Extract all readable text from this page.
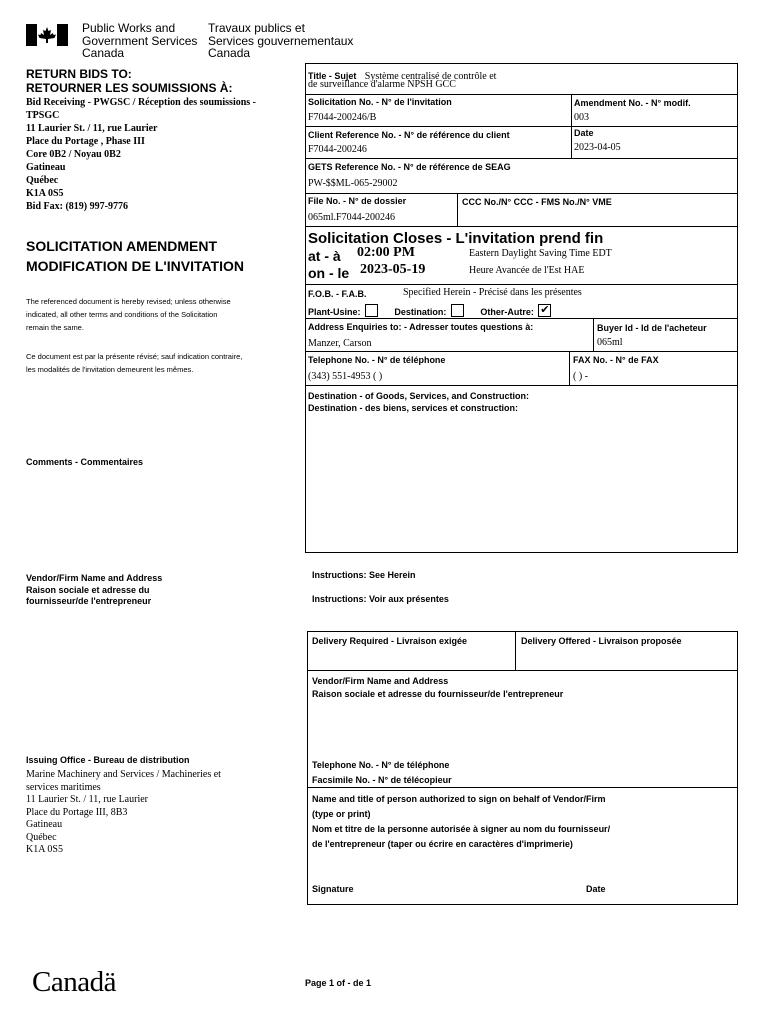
Public Works and
Government Services
Canada
Travaux publics et
Services gouvernementaux
Canada
RETURN BIDS TO:
RETOURNER LES SOUMISSIONS À:
Bid Receiving - PWGSC / Réception des soumissions -
TPSGC
11 Laurier St. / 11, rue Laurier
Place du Portage , Phase III
Core 0B2 / Noyau 0B2
Gatineau
Québec
K1A 0S5
Bid Fax: (819) 997-9776
SOLICITATION AMENDMENT
MODIFICATION DE L'INVITATION
The referenced document is hereby revised; unless otherwise
indicated, all other terms and conditions of the Solicitation
remain the same.
Ce document est par la présente révisé; sauf indication contraire,
les modalités de l'invitation demeurent les mêmes.
Comments - Commentaires
Vendor/Firm Name and Address
Raison sociale et adresse du
fournisseur/de l'entrepreneur
Issuing Office - Bureau de distribution
Marine Machinery and Services / Machineries et
services maritimes
11 Laurier St. / 11, rue Laurier
Place du Portage III, 8B3
Gatineau
Québec
K1A 0S5
Title - Sujet Système centralisé de contrôle et
de surveillance d'alarme NPSH GCC
Solicitation No. - N° de l'invitation
F7044-200246/B
Amendment No. - N° modif.
003
Client Reference No. - N° de référence du client
F7044-200246
Date
2023-04-05
GETS Reference No. - N° de référence de SEAG
PW-$$ML-065-29002
File No. - N° de dossier
065ml.F7044-200246
CCC No./N° CCC - FMS No./N° VME
Solicitation Closes - L'invitation prend fin
at - à 02:00 PM
on - le 2023-05-19
Eastern Daylight Saving Time EDT
Heure Avancée de l'Est HAE
F.O.B. - F.A.B.	Specified Herein - Précisé dans les présentes
Plant-Usine:	Destination:	Other-Autre: ✔
Address Enquiries to: - Adresser toutes questions à:
Manzer, Carson
Buyer Id - Id de l'acheteur
065ml
Telephone No. - N° de téléphone
(343) 551-4953 ( )
FAX No. - N° de FAX
( ) -
Destination - of Goods, Services, and Construction:
Destination - des biens, services et construction:
Instructions: See Herein
Instructions: Voir aux présentes
Delivery Required - Livraison exigée	Delivery Offered - Livraison proposée
Vendor/Firm Name and Address
Raison sociale et adresse du fournisseur/de l'entrepreneur
Telephone No. - N° de téléphone
Facsimile No. - N° de télécopieur
Name and title of person authorized to sign on behalf of Vendor/Firm
(type or print)
Nom et titre de la personne autorisée à signer au nom du fournisseur/
de l'entrepreneur (taper ou écrire en caractères d'imprimerie)
Signature	Date
Canadä	Page 1 of - de 1
